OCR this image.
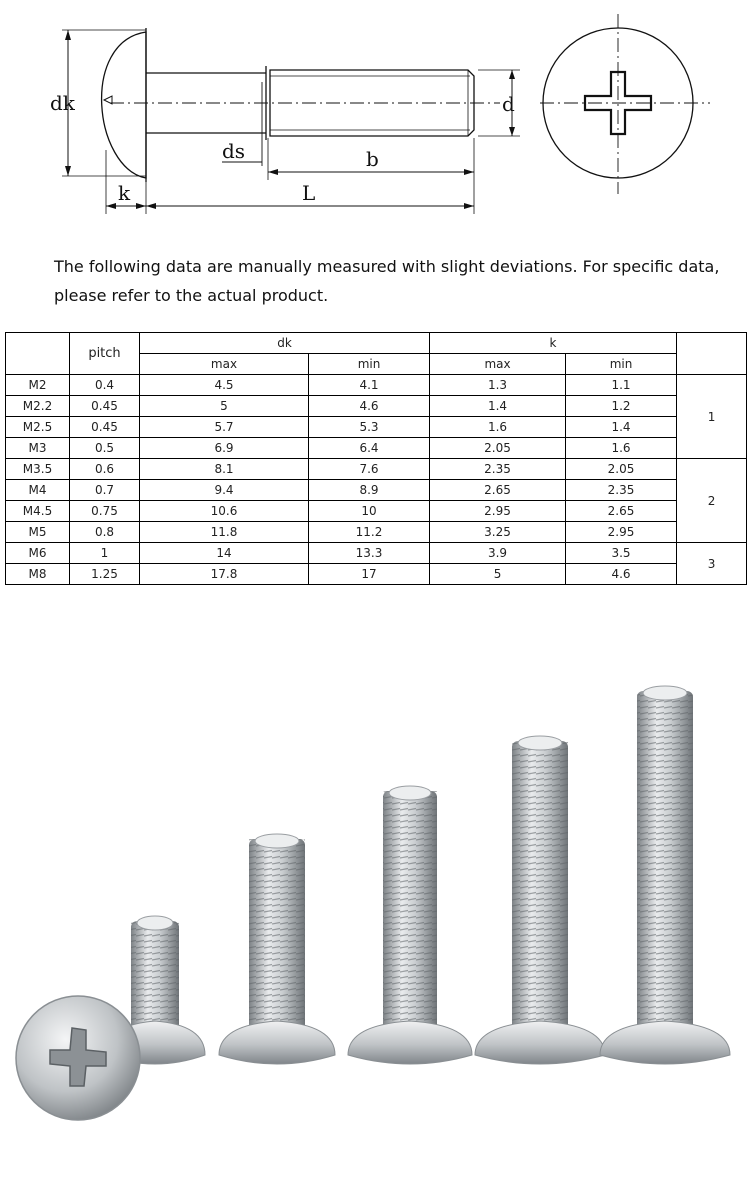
dk	d
ds	b
k	L

The following data are manually measured with slight deviations. For specific data, please refer to the actual product.

	pitch	dk		k		
		max	min	max	min	
M2	0.4	4.5	4.1	1.3	1.1	1
M2.2	0.45	5	4.6	1.4	1.2	
M2.5	0.45	5.7	5.3	1.6	1.4	
M3	0.5	6.9	6.4	2.05	1.6	
M3.5	0.6	8.1	7.6	2.35	2.05	2
M4	0.7	9.4	8.9	2.65	2.35	
M4.5	0.75	10.6	10	2.95	2.65	
M5	0.8	11.8	11.2	3.25	2.95	
M6	1	14	13.3	3.9	3.5	3
M8	1.25	17.8	17	5	4.6	
